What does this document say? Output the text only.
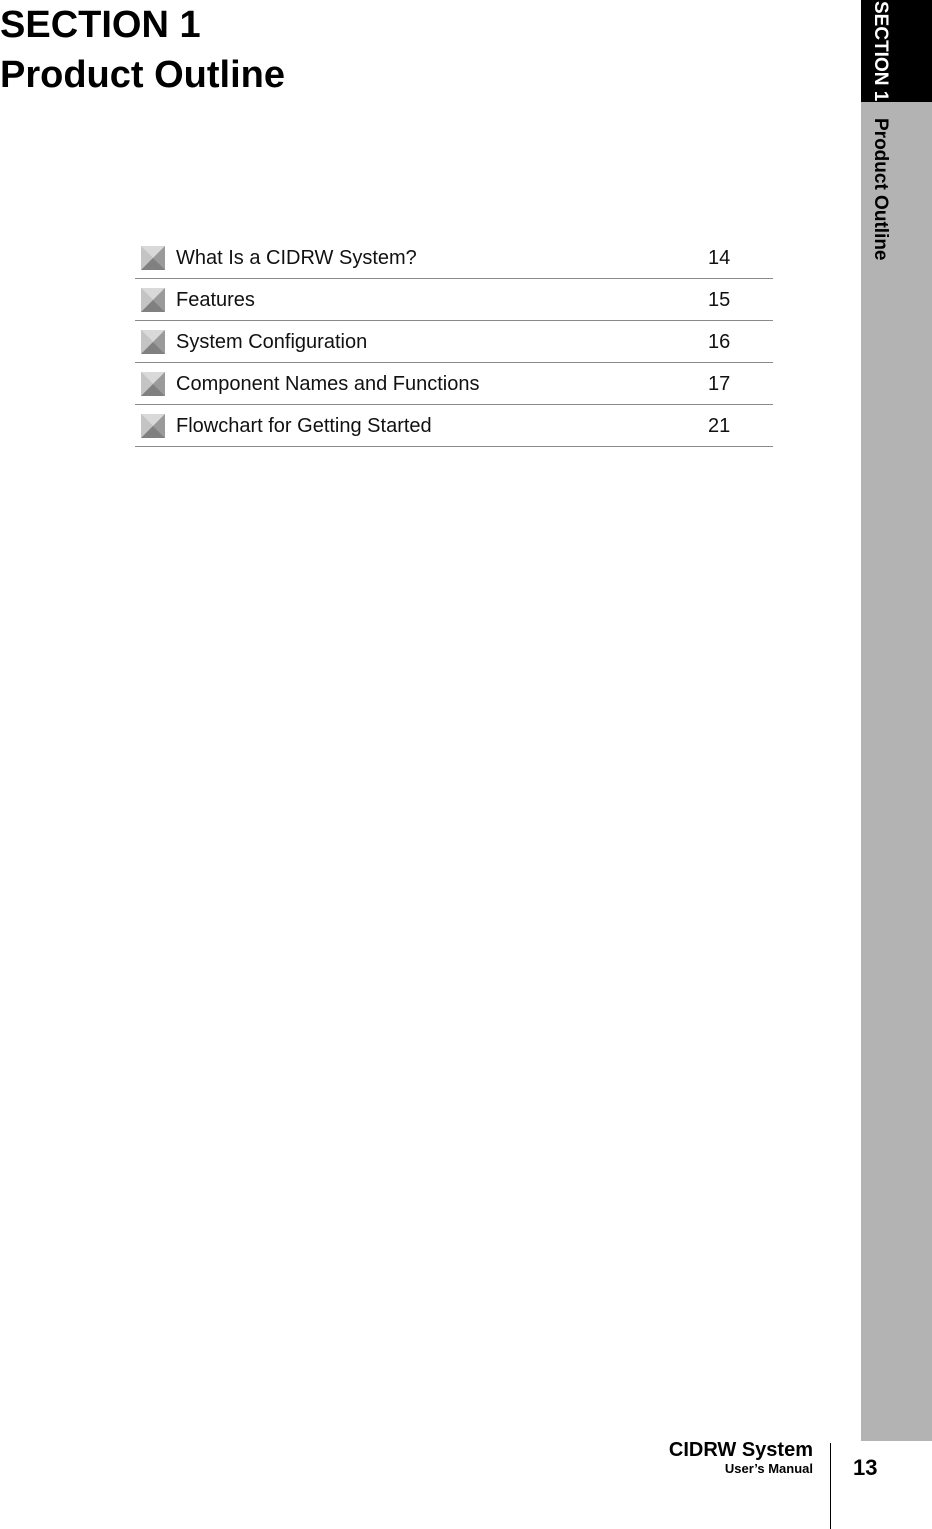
SECTION 1
Product Outline
What Is a CIDRW System?	14
Features	15
System Configuration	16
Component Names and Functions	17
Flowchart for Getting Started	21
SECTION 1
Product Outline
CIDRW System
User’s Manual 13
